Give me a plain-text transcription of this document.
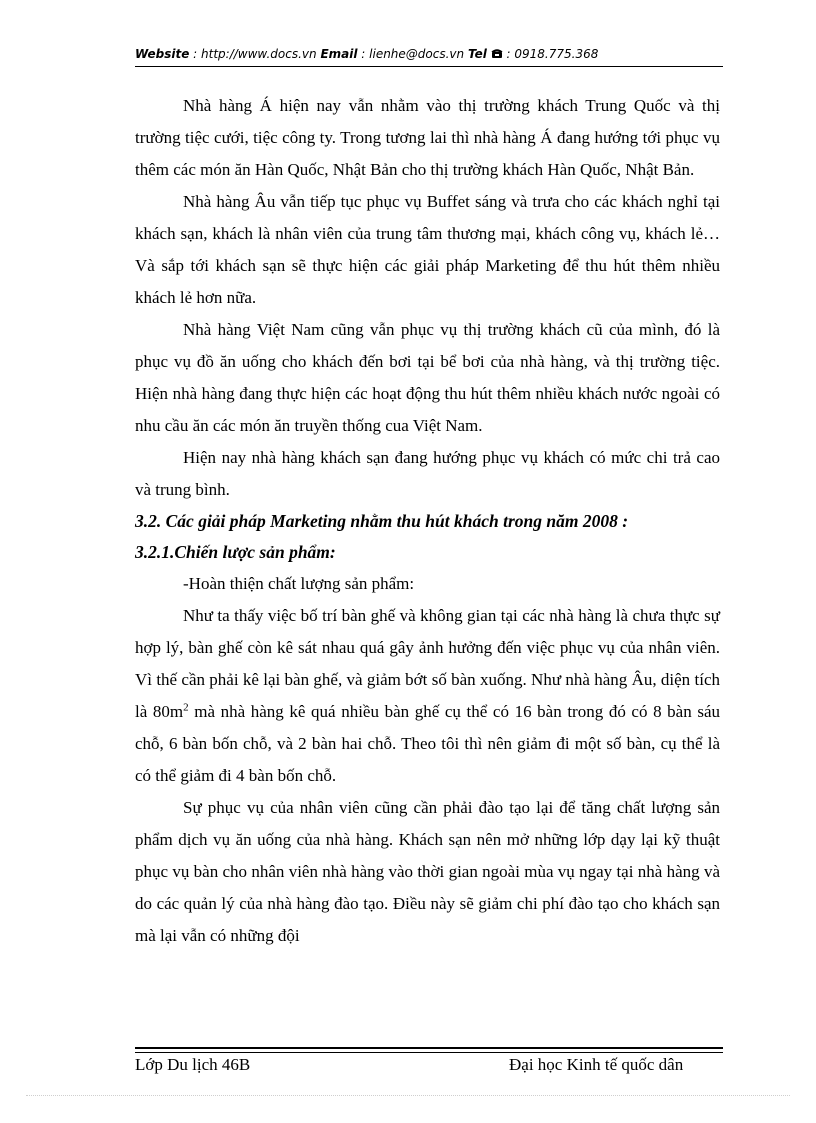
Website : http://www.docs.vn Email : lienhe@docs.vn Tel : 0918.775.368

Nhà hàng Á hiện nay vẫn nhằm vào thị trường khách Trung Quốc và thị trường tiệc cưới, tiệc công ty. Trong tương lai thì nhà hàng Á đang hướng tới phục vụ thêm các món ăn Hàn Quốc, Nhật Bản cho thị trường khách Hàn Quốc, Nhật Bản.

Nhà hàng Âu vẫn tiếp tục phục vụ Buffet sáng và trưa cho các khách nghỉ tại khách sạn, khách là nhân viên của trung tâm thương mại, khách công vụ, khách lẻ…Và sắp tới khách sạn sẽ thực hiện các giải pháp Marketing để thu hút thêm nhiều khách lẻ hơn nữa.

Nhà hàng Việt Nam cũng vẫn phục vụ thị trường khách cũ của mình, đó là phục vụ đồ ăn uống cho khách đến bơi tại bể bơi của nhà hàng, và thị trường tiệc. Hiện nhà hàng đang thực hiện các hoạt động thu hút thêm nhiều khách nước ngoài có nhu cầu ăn các món ăn truyền thống cua Việt Nam.

Hiện nay nhà hàng khách sạn đang hướng phục vụ khách có mức chi trả cao và trung bình.

3.2. Các giải pháp Marketing nhằm thu hút khách trong năm 2008 :

3.2.1.Chiến lược sản phẩm:

-Hoàn thiện chất lượng sản phẩm:

Như ta thấy việc bố trí bàn ghế và không gian tại các nhà hàng là chưa thực sự hợp lý, bàn ghế còn kê sát nhau quá gây ảnh hưởng đến việc phục vụ của nhân viên. Vì thế cần phải kê lại bàn ghế, và giảm bớt số bàn xuống. Như nhà hàng Âu, diện tích là $80m^2$ mà nhà hàng kê quá nhiều bàn ghế cụ thể có 16 bàn trong đó có 8 bàn sáu chỗ, 6 bàn bốn chỗ, và 2 bàn hai chỗ. Theo tôi thì nên giảm đi một số bàn, cụ thể là có thể giảm đi 4 bàn bốn chỗ.

Sự phục vụ của nhân viên cũng cần phải đào tạo lại để tăng chất lượng sản phẩm dịch vụ ăn uống của nhà hàng. Khách sạn nên mở những lớp dạy lại kỹ thuật phục vụ bàn cho nhân viên nhà hàng vào thời gian ngoài mùa vụ ngay tại nhà hàng và do các quản lý của nhà hàng đào tạo. Điều này sẽ giảm chi phí đào tạo cho khách sạn mà lại vẫn có những đội

Lớp Du lịch 46B	Đại học Kinh tế quốc dân
